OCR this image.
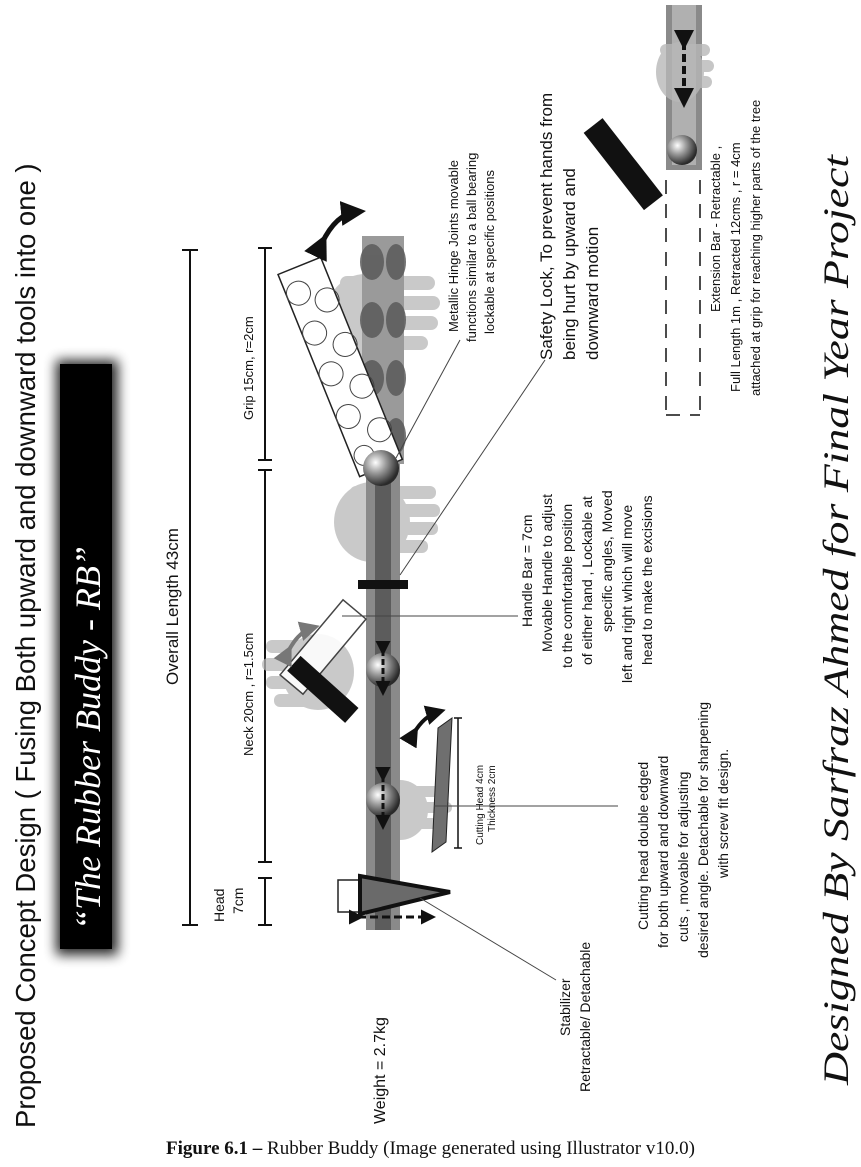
Proposed Concept Design ( Fusing Both upward and downward tools into one ) “The Rubber Buddy - RB”	Overall Length 43cm
Grip 15cm, r=2cm
Neck 20cm , r=1.5cm
Head 7cm
Cutting Head 4cm Thickness 2cm
Metallic Hinge Joints movable functions similar to a ball bearing lockable at specific positions Safety Lock, To prevent hands from being hurt by upward and downward motion
Handle Bar = 7cm Movable Handle to adjust to the comfortable position of either hand , Lockable at specific angles, Moved left and right which will move head to make the excisions
Cutting head double edged for both upward and downward cuts , movable for adjusting desired angle. Detachable for sharpening with screw fit design.
Stabilizer Retractable/ Detachable
Weight = 2.7kg
Extension Bar - Retractable , Full Length 1m , Retracted 12cms , r = 4cm attached at grip for reaching higher parts of the tree
Designed By Sarfraz Ahmed for Final Year Project
Figure 6.1 – Rubber Buddy (Image generated using Illustrator v10.0)
